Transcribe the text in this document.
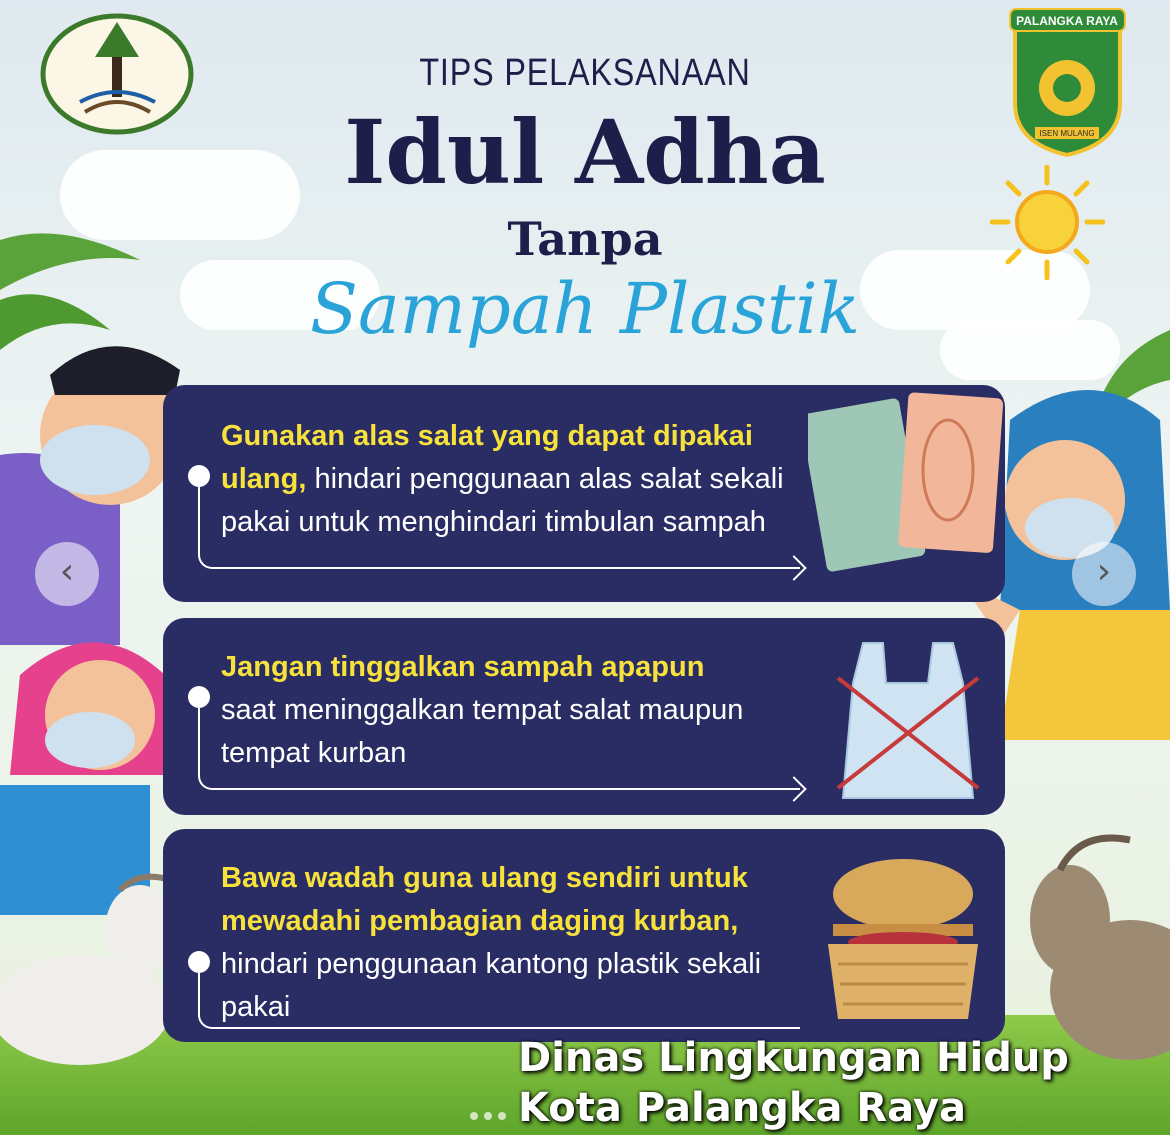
PALANGKA RAYA
ISEN MULANG
TIPS PELAKSANAAN
Idul Adha
Tanpa
Sampah Plastik
Gunakan alas salat yang dapat dipakai ulang, hindari penggunaan alas salat sekali pakai untuk menghindari timbulan sampah
Jangan tinggalkan sampah apapun saat meninggalkan tempat salat maupun tempat kurban
Bawa wadah guna ulang sendiri untuk mewadahi pembagian daging kurban, hindari penggunaan kantong plastik sekali pakai
‹	›
Dinas Lingkungan Hidup
Kota Palangka Raya
